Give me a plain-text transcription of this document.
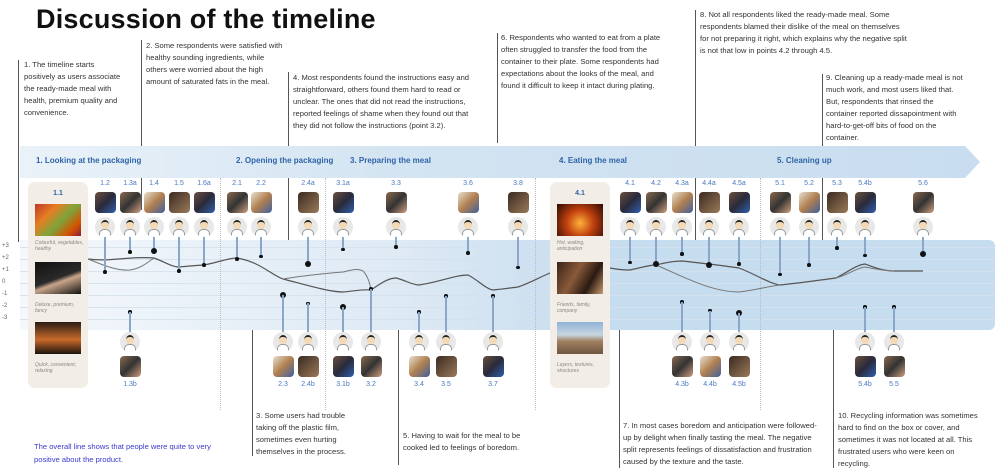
Discussion of the timeline
1. The timeline starts positively as users associate the ready-made meal with health, premium quality and convenience.
2. Some respondents were satisfied with healthy sounding ingredients, while others were worried about the high amount of saturated fats in the meal.	4. Most respondents found the instructions easy and straightforward, others found them hard to read or unclear. The ones that did not read the instructions, reported feelings of shame when they found out that they did not follow the instructions (point 3.2).
6. Respondents who wanted to eat from a plate often struggled to transfer the food from the container to their plate. Some respondents had expectations about the looks of the meal, and found it difficult to keep it intact during plating.
8. Not all respondents liked the ready-made meal. Some respondents blamed their dislike of the meal on themselves for not preparing it right, which explains why the negative split is not that low in points 4.2 through 4.5.
9. Cleaning up a ready-made meal is not much work, and most users liked that. But, respondents that rinsed the container reported dissapointment with hard-to-get-off bits of food on the container.
3. Some users had trouble taking off the plastic film, sometimes even hurting themselves in the process.
5. Having to wait for the meal to be cooked led to feelings of boredom.
7. In most cases boredom and anticipation were followed-up by delight when finally tasting the meal. The negative split represents feelings of dissatisfaction and frustration caused by the texture and the taste.
10. Recycling information was sometimes hard to find on the box or cover, and sometimes it was not located at all. This frustrated users who were keen on recycling.
The overall line shows that people were quite to very positive about the product.
1. Looking at the packaging	2. Opening the packaging 3. Preparing the meal	4. Eating the meal	5. Cleaning up
+3
+2
+1
0
-1
-2
-3
1.1
Colourful, vegetables, healthy
Deluxe, premium, fancy
Quick, convenient, relaxing
4.1
Hot, waiting, anticipation
Friends, family, company
Layers, textures, structures
1.2	1.3a	1.4	1.5	1.6a	2.1	2.2	2.4a	3.1a	3.3	3.6	3.8	4.1	4.2	4.3a	4.4a	4.5a	5.1	5.2	5.3	5.4b	5.6
1.3b	2.3	2.4b	3.1b	3.2	3.4	3.5	3.7	4.3b	4.4b	4.5b	5.4b	5.5
